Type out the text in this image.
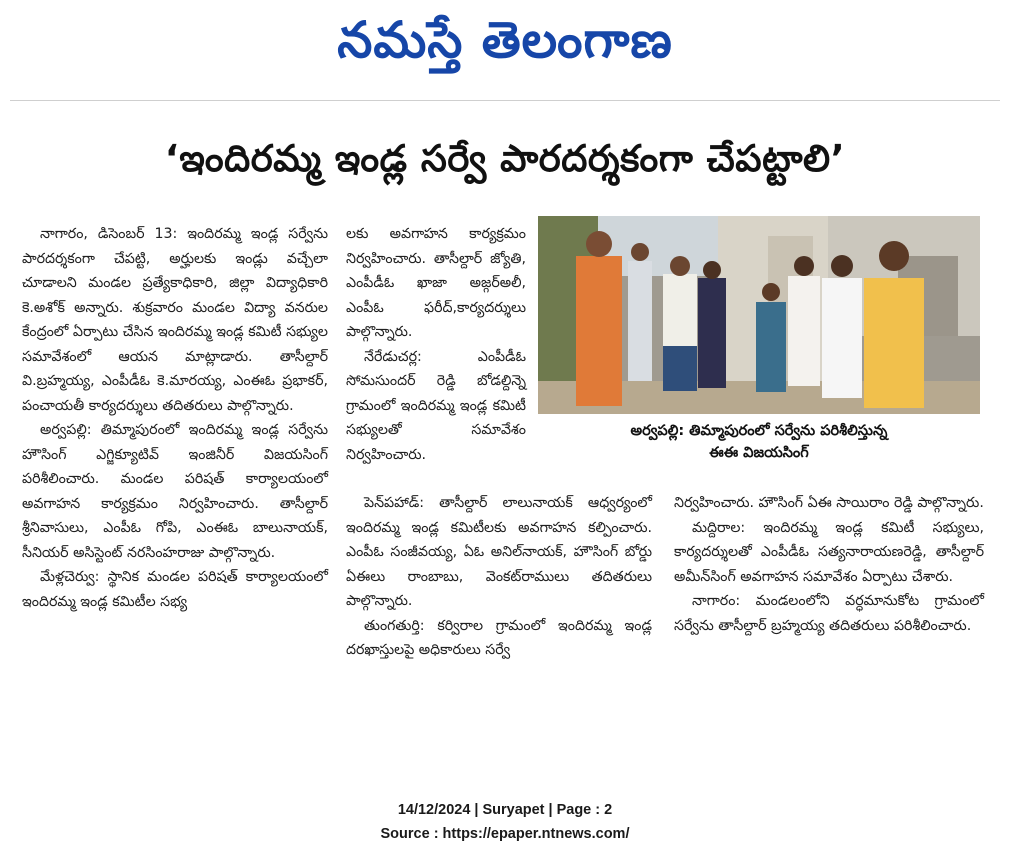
నమస్తే తెలంగాణ
‘ఇందిరమ్మ ఇండ్ల సర్వే పారదర్శకంగా చేపట్టాలి’

నాగారం, డిసెంబర్ 13: ఇందిరమ్మ ఇండ్ల సర్వేను పారదర్శకంగా చేపట్టి, అర్హులకు ఇండ్లు వచ్చేలా చూడాలని మండల ప్రత్యేకాధికారి, జిల్లా విద్యాధికారి కె.అశోక్ అన్నారు. శుక్రవారం మండల విద్యా వనరుల కేంద్రంలో ఏర్పాటు చేసిన ఇందిరమ్మ ఇండ్ల కమిటీ సభ్యుల సమావేశంలో ఆయన మాట్లాడారు. తాసీల్దార్ వి.బ్రహ్మయ్య, ఎంపీడీఓ కె.మారయ్య, ఎంఈఓ ప్రభాకర్, పంచాయతీ కార్యదర్శులు తదితరులు పాల్గొన్నారు.

అర్వపల్లి: తిమ్మాపురంలో ఇందిరమ్మ ఇండ్ల సర్వేను హౌసింగ్ ఎగ్జిక్యూటివ్ ఇంజినీర్ విజయసింగ్ పరిశీలించారు. మండల పరిషత్ కార్యాలయంలో అవగాహన కార్యక్రమం నిర్వహించారు. తాసీల్దార్ శ్రీనివాసులు, ఎంపీఓ గోపి, ఎంఈఓ బాలునాయక్, సీనియర్ అసిస్టెంట్ నరసింహరాజు పాల్గొన్నారు.

మేళ్లచెర్వు: స్థానిక మండల పరిషత్ కార్యాలయంలో ఇందిరమ్మ ఇండ్ల కమిటీల సభ్య

లకు అవగాహన కార్యక్రమం నిర్వహించారు. తాసీల్దార్ జ్యోతి, ఎంపీడీఓ ఖాజా అజ్గర్అలీ, ఎంపీఓ ఫరీద్,కార్యదర్శులు పాల్గొన్నారు.

నేరేడుచర్ల: ఎంపీడీఓ సోమసుందర్ రెడ్డి బోడల్దిన్నె గ్రామంలో ఇందిరమ్మ ఇండ్ల కమిటీ సభ్యులతో సమావేశం నిర్వహించారు.

పెన్‌పహాడ్: తాసీల్దార్ లాలునాయక్ ఆధ్వర్యంలో ఇందిరమ్మ ఇండ్ల కమిటీలకు అవగాహన కల్పించారు. ఎంపీఓ సంజీవయ్య, ఏఓ అనిల్‌నాయక్, హౌసింగ్ బోర్డు ఏఈలు రాంబాబు, వెంకట్‌రాములు తదితరులు పాల్గొన్నారు.

తుంగతుర్తి: కర్విరాల గ్రామంలో ఇందిరమ్మ ఇండ్ల దరఖాస్తులపై అధికారులు సర్వే

నిర్వహించారు. హౌసింగ్ ఏఈ సాయిరాం రెడ్డి పాల్గొన్నారు.

మద్దిరాల: ఇందిరమ్మ ఇండ్ల కమిటీ సభ్యులు, కార్యదర్శులతో ఎంపీడీఓ సత్యనారాయణరెడ్డి, తాసీల్దార్ అమీన్‌సింగ్ అవగాహన సమావేశం ఏర్పాటు చేశారు.

నాగారం: మండలంలోని వర్ధమానుకోట గ్రామంలో సర్వేను తాసీల్దార్ బ్రహ్మయ్య తదితరులు పరిశీలించారు.

అర్వపల్లి: తిమ్మాపురంలో సర్వేను పరిశీలిస్తున్న
ఈఈ విజయసింగ్
14/12/2024 | Suryapet | Page : 2
Source : https://epaper.ntnews.com/
